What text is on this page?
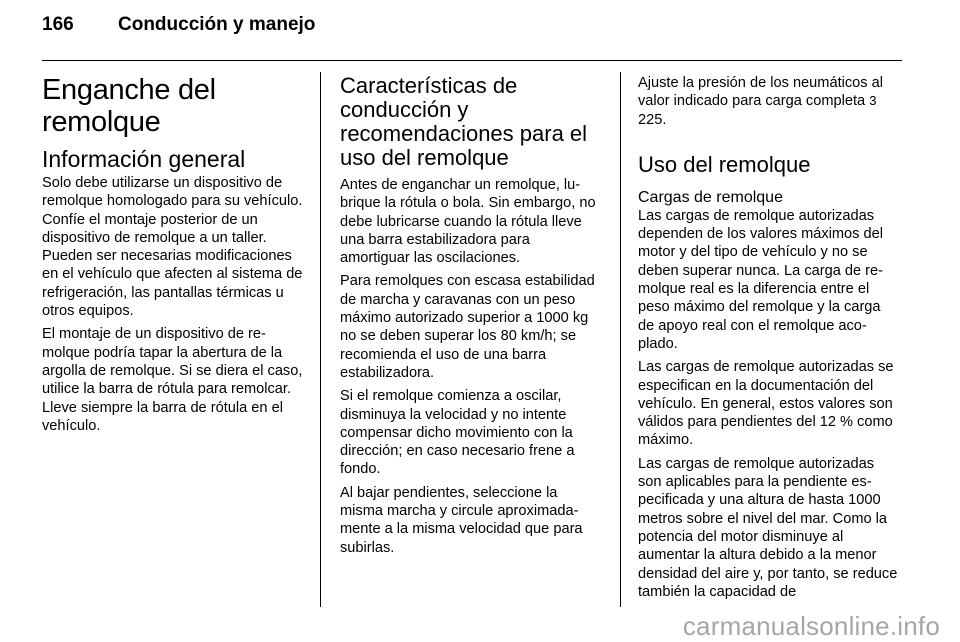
166 Conducción y manejo
Enganche del remolque
Información general

Solo debe utilizarse un dispositivo de remolque homologado para su vehículo. Confíe el montaje posterior de un dispositivo de remolque a un taller. Pueden ser necesarias modificaciones en el vehículo que afecten al sistema de refrigeración, las pantallas térmicas u otros equipos.

El montaje de un dispositivo de remolque podría tapar la abertura de la argolla de remolque. Si se diera el caso, utilice la barra de rótula para remolcar. Lleve siempre la barra de rótula en el vehículo.

Características de conducción y recomendaciones para el uso del remolque

Antes de enganchar un remolque, lubrique la rótula o bola. Sin embargo, no debe lubricarse cuando la rótula lleve una barra estabilizadora para amortiguar las oscilaciones.

Para remolques con escasa estabilidad de marcha y caravanas con un peso máximo autorizado superior a 1000 kg no se deben superar los 80 km/h; se recomienda el uso de una barra estabilizadora.

Si el remolque comienza a oscilar, disminuya la velocidad y no intente compensar dicho movimiento con la dirección; en caso necesario frene a fondo.

Al bajar pendientes, seleccione la misma marcha y circule aproximadamente a la misma velocidad que para subirlas.

Ajuste la presión de los neumáticos al valor indicado para carga completa 3 225.

Uso del remolque
Cargas de remolque

Las cargas de remolque autorizadas dependen de los valores máximos del motor y del tipo de vehículo y no se deben superar nunca. La carga de remolque real es la diferencia entre el peso máximo del remolque y la carga de apoyo real con el remolque acoplado.

Las cargas de remolque autorizadas se especifican en la documentación del vehículo. En general, estos valores son válidos para pendientes del 12 % como máximo.

Las cargas de remolque autorizadas son aplicables para la pendiente especificada y una altura de hasta 1000 metros sobre el nivel del mar. Como la potencia del motor disminuye al aumentar la altura debido a la menor densidad del aire y, por tanto, se reduce también la capacidad de

carmanualsonline.info
